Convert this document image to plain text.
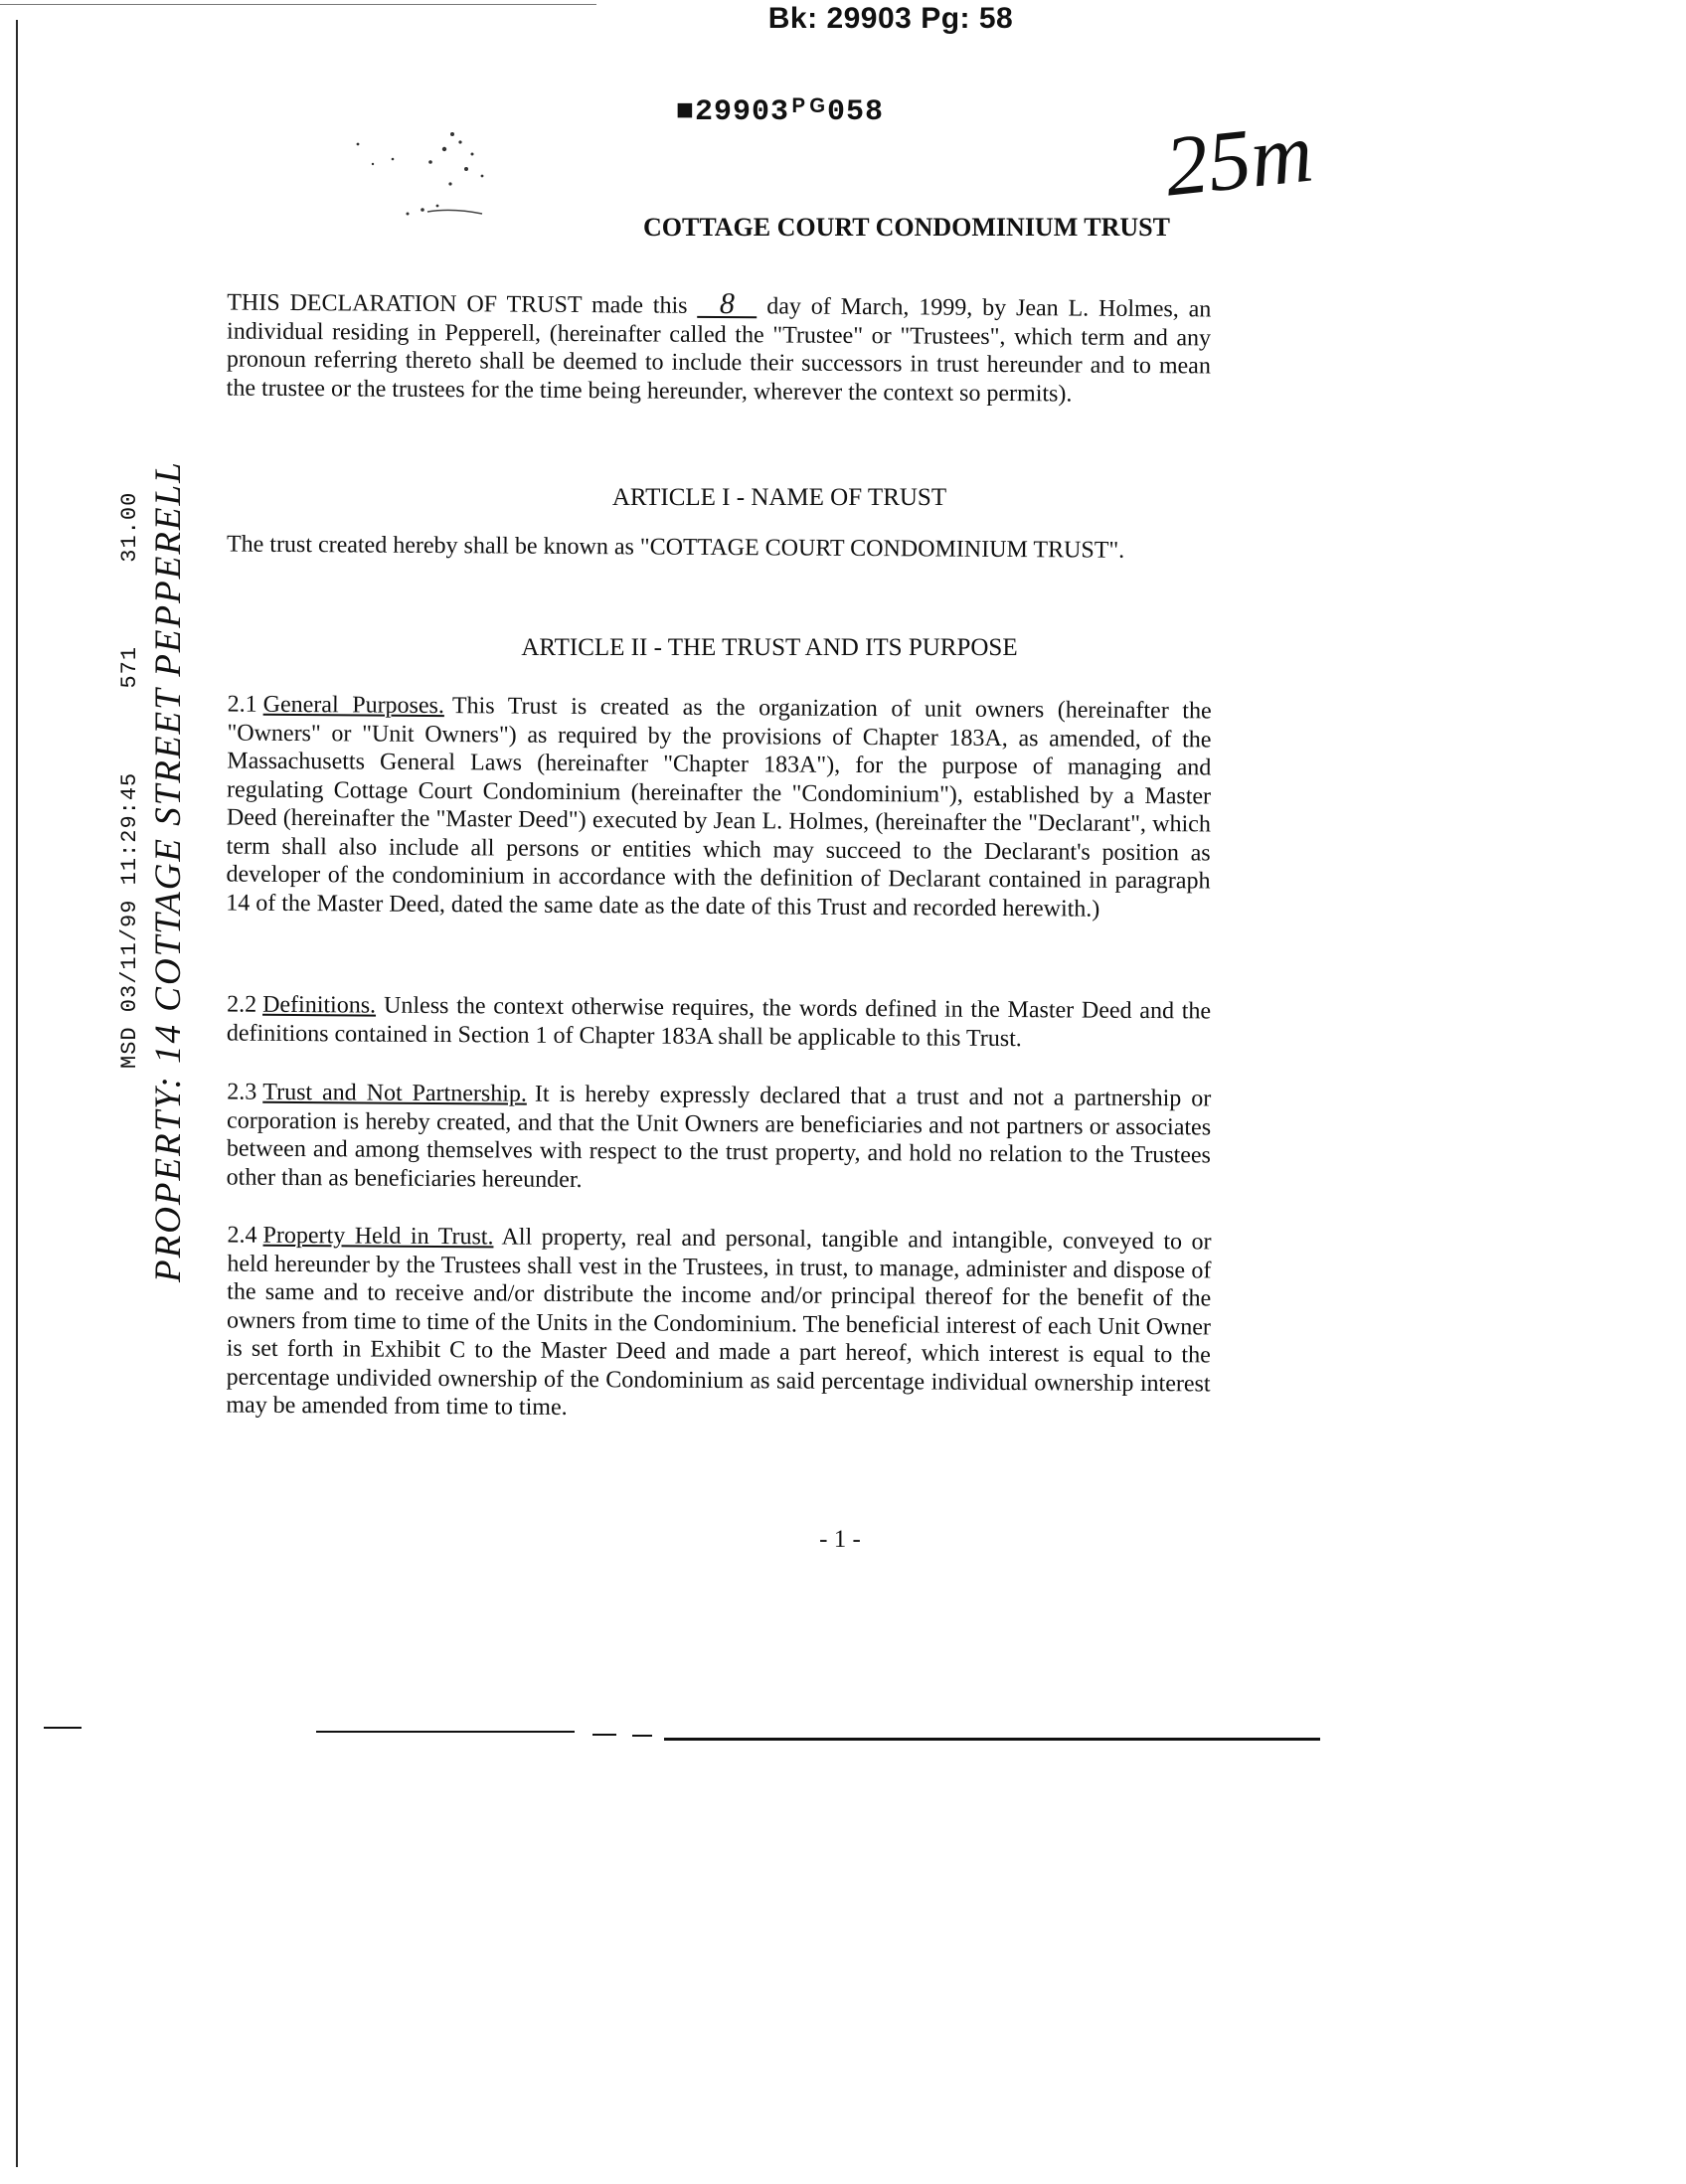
Bk: 29903 Pg: 58
■29903ᴾᴳ058	25m
COTTAGE COURT CONDOMINIUM TRUST
THIS DECLARATION OF TRUST made this 8 day of March, 1999, by Jean L. Holmes, an individual residing in Pepperell, (hereinafter called the "Trustee" or "Trustees", which term and any pronoun referring thereto shall be deemed to include their successors in trust hereunder and to mean the trustee or the trustees for the time being hereunder, wherever the context so permits).
ARTICLE I - NAME OF TRUST
The trust created hereby shall be known as "COTTAGE COURT CONDOMINIUM TRUST".
ARTICLE II - THE TRUST AND ITS PURPOSE
2.1 General Purposes. This Trust is created as the organization of unit owners (hereinafter the "Owners" or "Unit Owners") as required by the provisions of Chapter 183A, as amended, of the Massachusetts General Laws (hereinafter "Chapter 183A"), for the purpose of managing and regulating Cottage Court Condominium (hereinafter the "Condominium"), established by a Master Deed (hereinafter the "Master Deed") executed by Jean L. Holmes, (hereinafter the "Declarant", which term shall also include all persons or entities which may succeed to the Declarant's position as developer of the condominium in accordance with the definition of Declarant contained in paragraph 14 of the Master Deed, dated the same date as the date of this Trust and recorded herewith.)
2.2 Definitions. Unless the context otherwise requires, the words defined in the Master Deed and the definitions contained in Section 1 of Chapter 183A shall be applicable to this Trust.
2.3 Trust and Not Partnership. It is hereby expressly declared that a trust and not a partnership or corporation is hereby created, and that the Unit Owners are beneficiaries and not partners or associates between and among themselves with respect to the trust property, and hold no relation to the Trustees other than as beneficiaries hereunder.
2.4 Property Held in Trust. All property, real and personal, tangible and intangible, conveyed to or held hereunder by the Trustees shall vest in the Trustees, in trust, to manage, administer and dispose of the same and to receive and/or distribute the income and/or principal thereof for the benefit of the owners from time to time of the Units in the Condominium. The beneficial interest of each Unit Owner is set forth in Exhibit C to the Master Deed and made a part hereof, which interest is equal to the percentage undivided ownership of the Condominium as said percentage individual ownership interest may be amended from time to time.
MSD 03/11/99 11:29:45 571 31.00 PROPERTY: 14 COTTAGE STREET PEPPERELL
- 1 -
